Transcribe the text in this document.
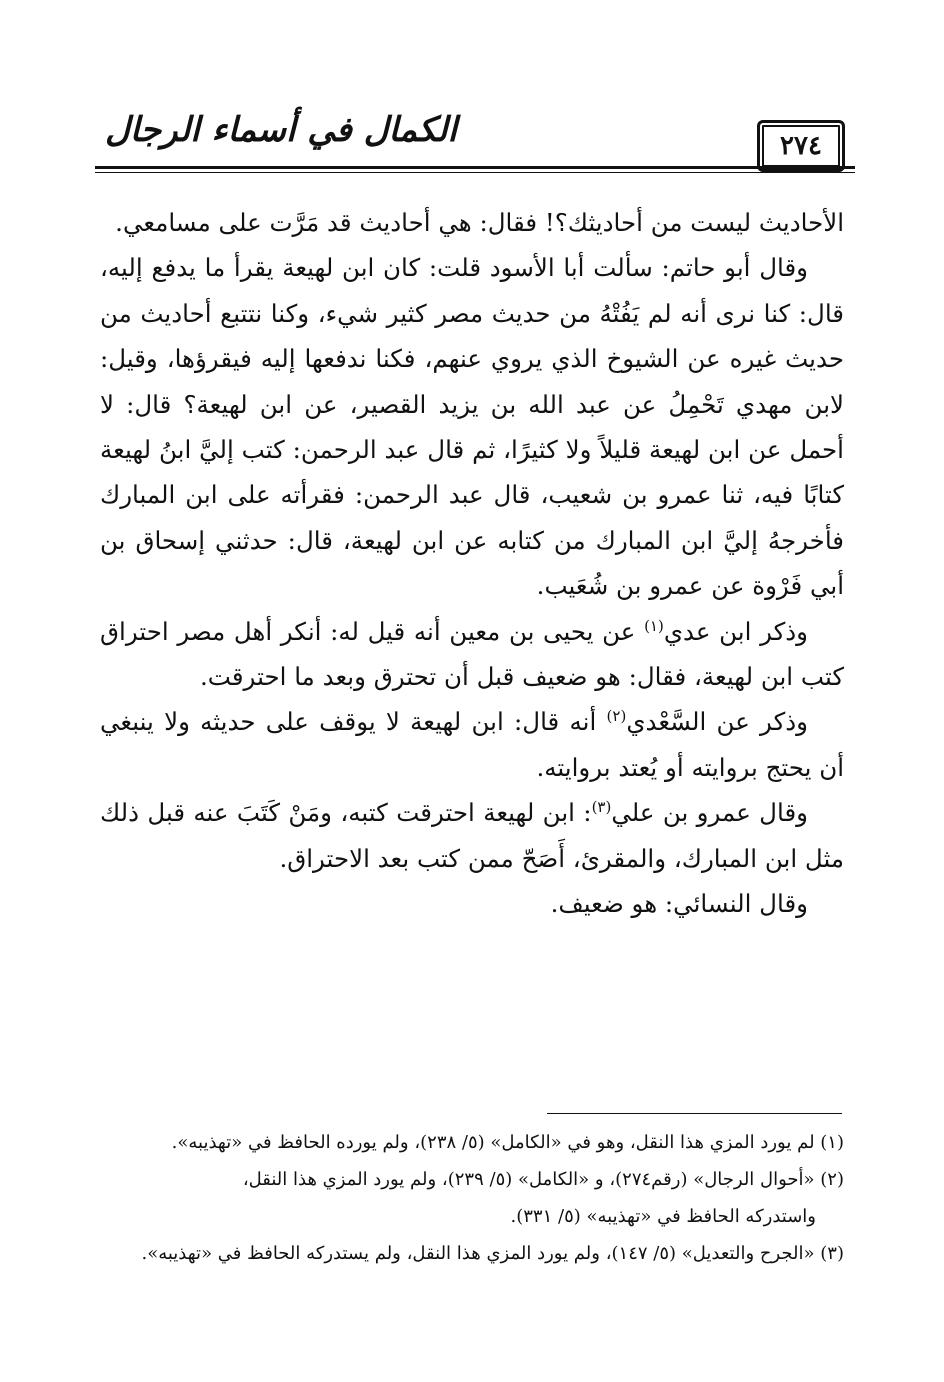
الكمال في أسماء الرجال	٢٧٤

الأحاديث ليست من أحاديثك؟! فقال: هي أحاديث قد مَرَّت على مسامعي.

وقال أبو حاتم: سألت أبا الأسود قلت: كان ابن لهيعة يقرأ ما يدفع إليه، قال: كنا نرى أنه لم يَفُتْهُ من حديث مصر كثير شيء، وكنا نتتبع أحاديث من حديث غيره عن الشيوخ الذي يروي عنهم، فكنا ندفعها إليه فيقرؤها، وقيل: لابن مهدي تَحْمِلُ عن عبد الله بن يزيد القصير، عن ابن لهيعة؟ قال: لا أحمل عن ابن لهيعة قليلاً ولا كثيرًا، ثم قال عبد الرحمن: كتب إليَّ ابنُ لهيعة كتابًا فيه، ثنا عمرو بن شعيب، قال عبد الرحمن: فقرأته على ابن المبارك فأخرجهُ إليَّ ابن المبارك من كتابه عن ابن لهيعة، قال: حدثني إسحاق بن أبي فَرْوة عن عمرو بن شُعَيب.

وذكر ابن عدي$^{(١)}$ عن يحيى بن معين أنه قيل له: أنكر أهل مصر احتراق كتب ابن لهيعة، فقال: هو ضعيف قبل أن تحترق وبعد ما احترقت.

وذكر عن السَّعْدي$^{(٢)}$ أنه قال: ابن لهيعة لا يوقف على حديثه ولا ينبغي أن يحتج بروايته أو يُعتد بروايته.

وقال عمرو بن علي$^{(٣)}$: ابن لهيعة احترقت كتبه، ومَنْ كَتَبَ عنه قبل ذلك مثل ابن المبارك، والمقرئ، أَصَحّ ممن كتب بعد الاحتراق.

وقال النسائي: هو ضعيف.

(١) لم يورد المزي هذا النقل، وهو في «الكامل» (٥/ ٢٣٨)، ولم يورده الحافظ في «تهذيبه».

(٢) «أحوال الرجال» (رقم٢٧٤)، و «الكامل» (٥/ ٢٣٩)، ولم يورد المزي هذا النقل،

واستدركه الحافظ في «تهذيبه» (٥/ ٣٣١).

(٣) «الجرح والتعديل» (٥/ ١٤٧)، ولم يورد المزي هذا النقل، ولم يستدركه الحافظ في «تهذيبه».
